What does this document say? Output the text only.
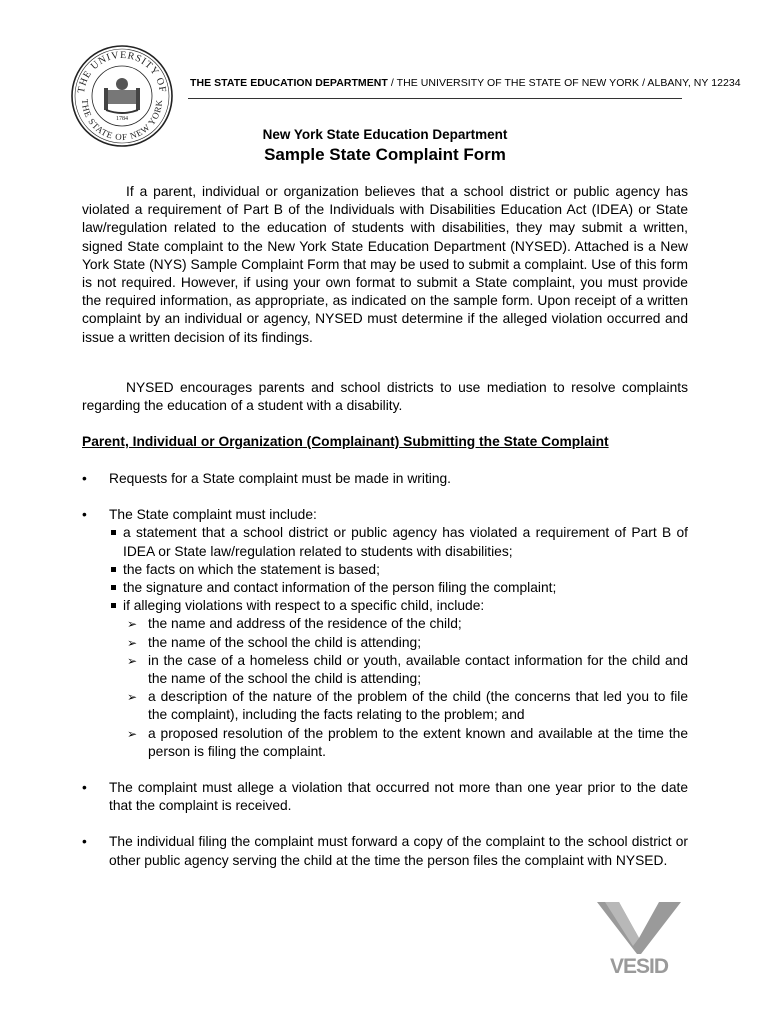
THE UNIVERSITY OF
THE STATE OF NEW YORK
1784
THE STATE EDUCATION DEPARTMENT / THE UNIVERSITY OF THE STATE OF NEW YORK / ALBANY, NY 12234
New York State Education Department
Sample State Complaint Form
If a parent, individual or organization believes that a school district or public agency has violated a requirement of Part B of the Individuals with Disabilities Education Act (IDEA) or State law/regulation related to the education of students with disabilities, they may submit a written, signed State complaint to the New York State Education Department (NYSED). Attached is a New York State (NYS) Sample Complaint Form that may be used to submit a complaint. Use of this form is not required. However, if using your own format to submit a State complaint, you must provide the required information, as appropriate, as indicated on the sample form. Upon receipt of a written complaint by an individual or agency, NYSED must determine if the alleged violation occurred and issue a written decision of its findings.
NYSED encourages parents and school districts to use mediation to resolve complaints regarding the education of a student with a disability.
Parent, Individual or Organization (Complainant) Submitting the State Complaint
• Requests for a State complaint must be made in writing.
• The State complaint must include:
a statement that a school district or public agency has violated a requirement of Part B of IDEA or State law/regulation related to students with disabilities;
the facts on which the statement is based;
the signature and contact information of the person filing the complaint;
if alleging violations with respect to a specific child, include:
➢ the name and address of the residence of the child;
➢ the name of the school the child is attending;
➢ in the case of a homeless child or youth, available contact information for the child and the name of the school the child is attending;
➢ a description of the nature of the problem of the child (the concerns that led you to file the complaint), including the facts relating to the problem; and
➢ a proposed resolution of the problem to the extent known and available at the time the person is filing the complaint.
• The complaint must allege a violation that occurred not more than one year prior to the date that the complaint is received.
• The individual filing the complaint must forward a copy of the complaint to the school district or other public agency serving the child at the time the person files the complaint with NYSED.
VESID
